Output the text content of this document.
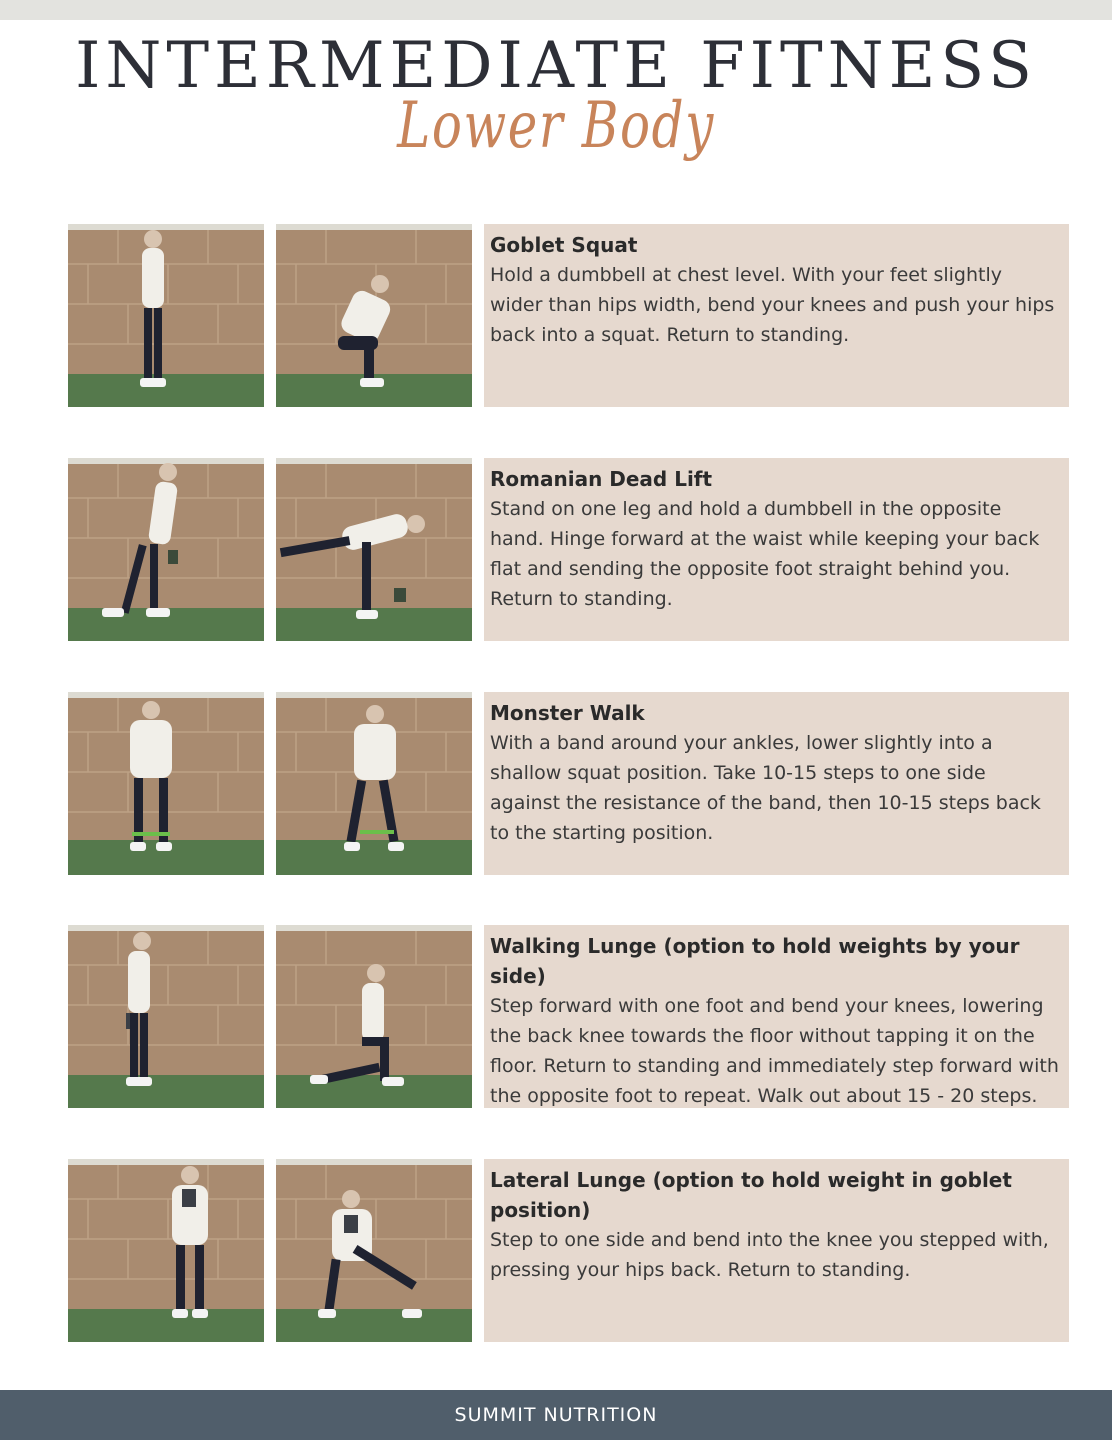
INTERMEDIATE FITNESS
Lower Body
Goblet Squat
Hold a dumbbell at chest level. With your feet slightly wider than hips width, bend your knees and push your hips back into a squat. Return to standing.
Romanian Dead Lift
Stand on one leg and hold a dumbbell in the opposite hand. Hinge forward at the waist while keeping your back flat and sending the opposite foot straight behind you. Return to standing.
Monster Walk
With a band around your ankles, lower slightly into a shallow squat position. Take 10-15 steps to one side against the resistance of the band, then 10-15 steps back to the starting position.
Walking Lunge (option to hold weights by your side)
Step forward with one foot and bend your knees, lowering the back knee towards the floor without tapping it on the floor. Return to standing and immediately step forward with the opposite foot to repeat. Walk out about 15 - 20 steps.
Lateral Lunge (option to hold weight in goblet position)
Step to one side and bend into the knee you stepped with, pressing your hips back. Return to standing.
SUMMIT NUTRITION
